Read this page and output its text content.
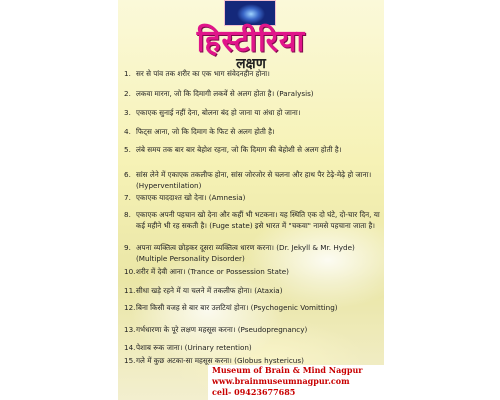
हिस्टीरिया
लक्षण
1. सर से पांव तक शरीर का एक भाग संवेदनहीन होना।
2. लकवा मारना, जो कि दिमागी लकवें से अलग होता है। (Paralysis)
3. एकाएक सुनाई नहीं देना, बोलना बंद हो जाना या अंधा हो जाना।
4. फिट्स आना, जो कि दिमाग के फिट से अलग होती है।
5. लंबे समय तक बार बार बेहोश रहना, जो कि दिमाग की बेहोशी से अलग होती है।
6. सांस लेने में एकाएक तकलीफ होना, सांस जोरजोर से चलना और हाथ पैर टेढ़े-मेढ़े हो जाना। (Hyperventilation)
7. एकाएक याददाश्त खो देना। (Amnesia)
8. एकाएक अपनी पहचान खो देना और कहीं भी भटकना। यह स्थिति एक दो घंटे, दो-चार दिन, या कई महीने भी रह सकती है। (Fuge state) इसे भारत में "चकवा" नामसे पहचाना जाता है।
9. अपना व्यक्तित्व छोड़कर दूसरा व्यक्तित्व धारण करना। (Dr. Jekyll & Mr. Hyde) (Multiple Personality Disorder)
10. शरीर में देवी आना। (Trance or Possession State)
11. सीधा खड़े रहने में या चलने में तकलीफ होना। (Ataxia)
12. बिना किसी वजह से बार बार उलटियां होना। (Psychogenic Vomitting)
13. गर्भधारणा के पूरे लक्षण महसूस करना। (Pseudopregnancy)
14. पेशाब रूक जाना। (Urinary retention)
15. गले में कुछ अटका-सा महसूस करना। (Globus hystericus)
Museum of Brain & Mind Nagpur
www.brainmuseumnagpur.com
cell- 09423677685
